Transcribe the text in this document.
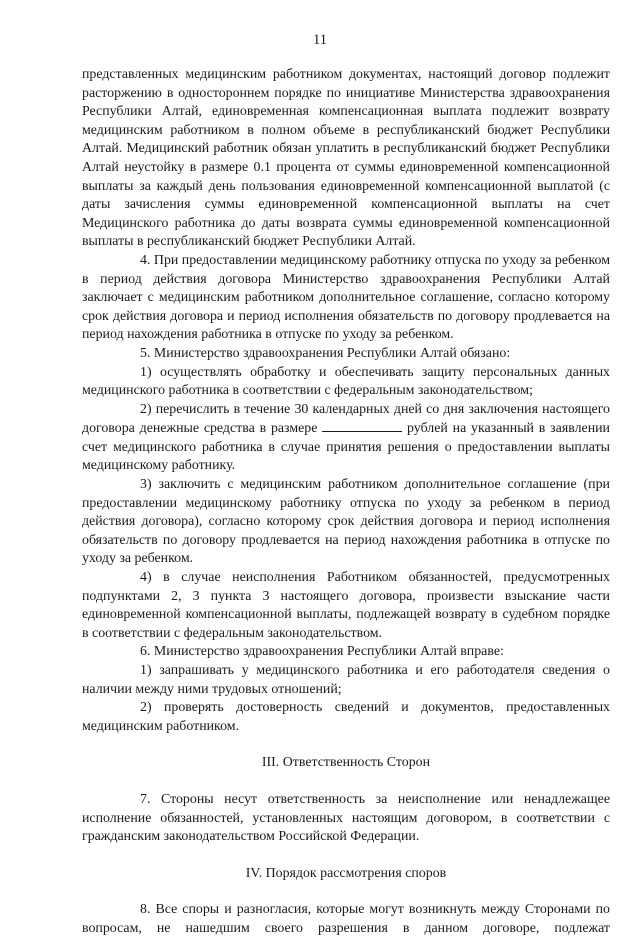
11

представленных медицинским работником документах, настоящий договор подлежит расторжению в одностороннем порядке по инициативе Министерства здравоохранения Республики Алтай, единовременная компенсационная выплата подлежит возврату медицинским работником в полном объеме в республиканский бюджет Республики Алтай. Медицинский работник обязан уплатить в республиканский бюджет Республики Алтай неустойку в размере 0.1 процента от суммы единовременной компенсационной выплаты за каждый день пользования единовременной компенсационной выплатой (с даты зачисления суммы единовременной компенсационной выплаты на счет Медицинского работника до даты возврата суммы единовременной компенсационной выплаты в республиканский бюджет Республики Алтай.

4. При предоставлении медицинскому работнику отпуска по уходу за ребенком в период действия договора Министерство здравоохранения Республики Алтай заключает с медицинским работником дополнительное соглашение, согласно которому срок действия договора и период исполнения обязательств по договору продлевается на период нахождения работника в отпуске по уходу за ребенком.

5. Министерство здравоохранения Республики Алтай обязано:

1) осуществлять обработку и обеспечивать защиту персональных данных медицинского работника в соответствии с федеральным законодательством;

2) перечислить в течение 30 календарных дней со дня заключения настоящего договора денежные средства в размере	рублей на указанный в заявлении счет медицинского работника в случае принятия решения о предоставлении выплаты медицинскому работнику.

3) заключить с медицинским работником дополнительное соглашение (при предоставлении медицинскому работнику отпуска по уходу за ребенком в период действия договора), согласно которому срок действия договора и период исполнения обязательств по договору продлевается на период нахождения работника в отпуске по уходу за ребенком.

4) в случае неисполнения Работником обязанностей, предусмотренных подпунктами 2, 3 пункта 3 настоящего договора, произвести взыскание части единовременной компенсационной выплаты, подлежащей возврату в судебном порядке в соответствии с федеральным законодательством.

6. Министерство здравоохранения Республики Алтай вправе:

1) запрашивать у медицинского работника и его работодателя сведения о наличии между ними трудовых отношений;

2) проверять достоверность сведений и документов, предоставленных медицинским работником.

III. Ответственность Сторон

7. Стороны несут ответственность за неисполнение или ненадлежащее исполнение обязанностей, установленных настоящим договором, в соответствии с гражданским законодательством Российской Федерации.

IV. Порядок рассмотрения споров

8. Все споры и разногласия, которые могут возникнуть между Сторонами по вопросам, не нашедшим своего разрешения в данном договоре, подлежат
